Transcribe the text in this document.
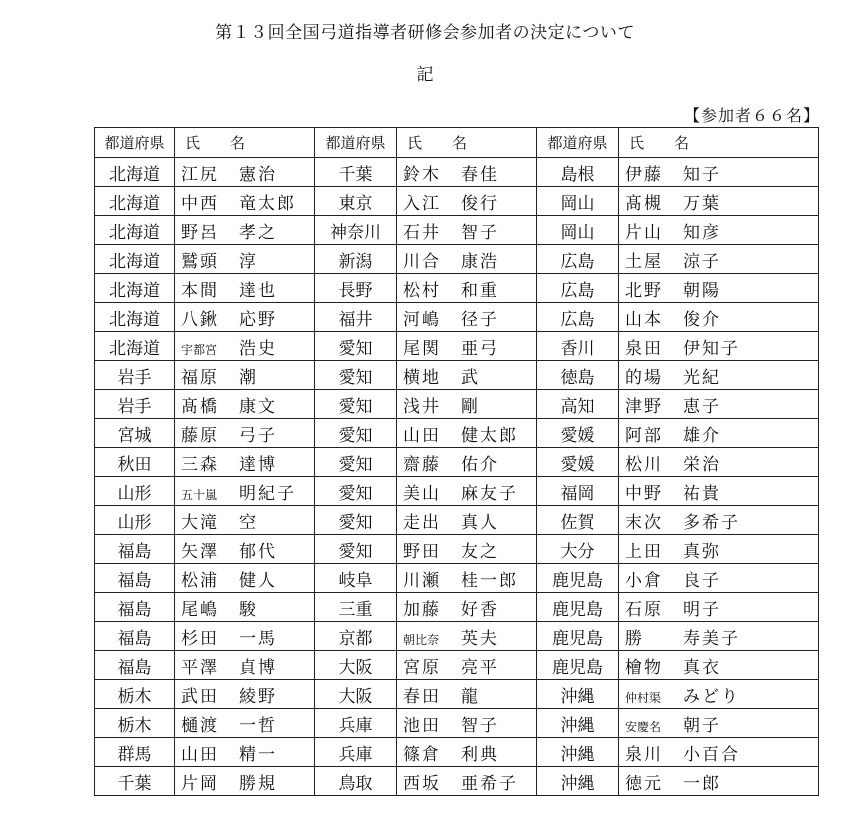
第１３回全国弓道指導者研修会参加者の決定について
記
【参加者６６名】
都道府県	氏　　名	都道府県	氏　　名	都道府県	氏　　名
北海道	江尻 憲治	千葉	鈴木 春佳	島根	伊藤 知子
北海道	中西 竜太郎	東京	入江 俊行	岡山	髙槻 万葉
北海道	野呂 孝之	神奈川	石井 智子	岡山	片山 知彦
北海道	鷲頭 淳	新潟	川合 康浩	広島	土屋 涼子
北海道	本間 達也	長野	松村 和重	広島	北野 朝陽
北海道	八鍬 応野	福井	河嶋 径子	広島	山本 俊介
北海道	宇都宮 浩史	愛知	尾関 亜弓	香川	泉田 伊知子
岩手	福原 潮	愛知	横地 武	徳島	的場 光紀
岩手	髙橋 康文	愛知	浅井 剛	高知	津野 恵子
宮城	藤原 弓子	愛知	山田 健太郎	愛媛	阿部 雄介
秋田	三森 達博	愛知	齋藤 佑介	愛媛	松川 栄治
山形	五十嵐 明紀子	愛知	美山 麻友子	福岡	中野 祐貴
山形	大滝 空	愛知	走出 真人	佐賀	末次 多希子
福島	矢澤 郁代	愛知	野田 友之	大分	上田 真弥
福島	松浦 健人	岐阜	川瀬 桂一郎	鹿児島	小倉 良子
福島	尾嶋 駿	三重	加藤 好香	鹿児島	石原 明子
福島	杉田 一馬	京都	朝比奈 英夫	鹿児島	勝 寿美子
福島	平澤 貞博	大阪	宮原 亮平	鹿児島	檜物 真衣
栃木	武田 綾野	大阪	春田 龍	沖縄	仲村渠 みどり
栃木	樋渡 一哲	兵庫	池田 智子	沖縄	安慶名 朝子
群馬	山田 精一	兵庫	篠倉 利典	沖縄	泉川 小百合
千葉	片岡 勝規	鳥取	西坂 亜希子	沖縄	徳元 一郎
